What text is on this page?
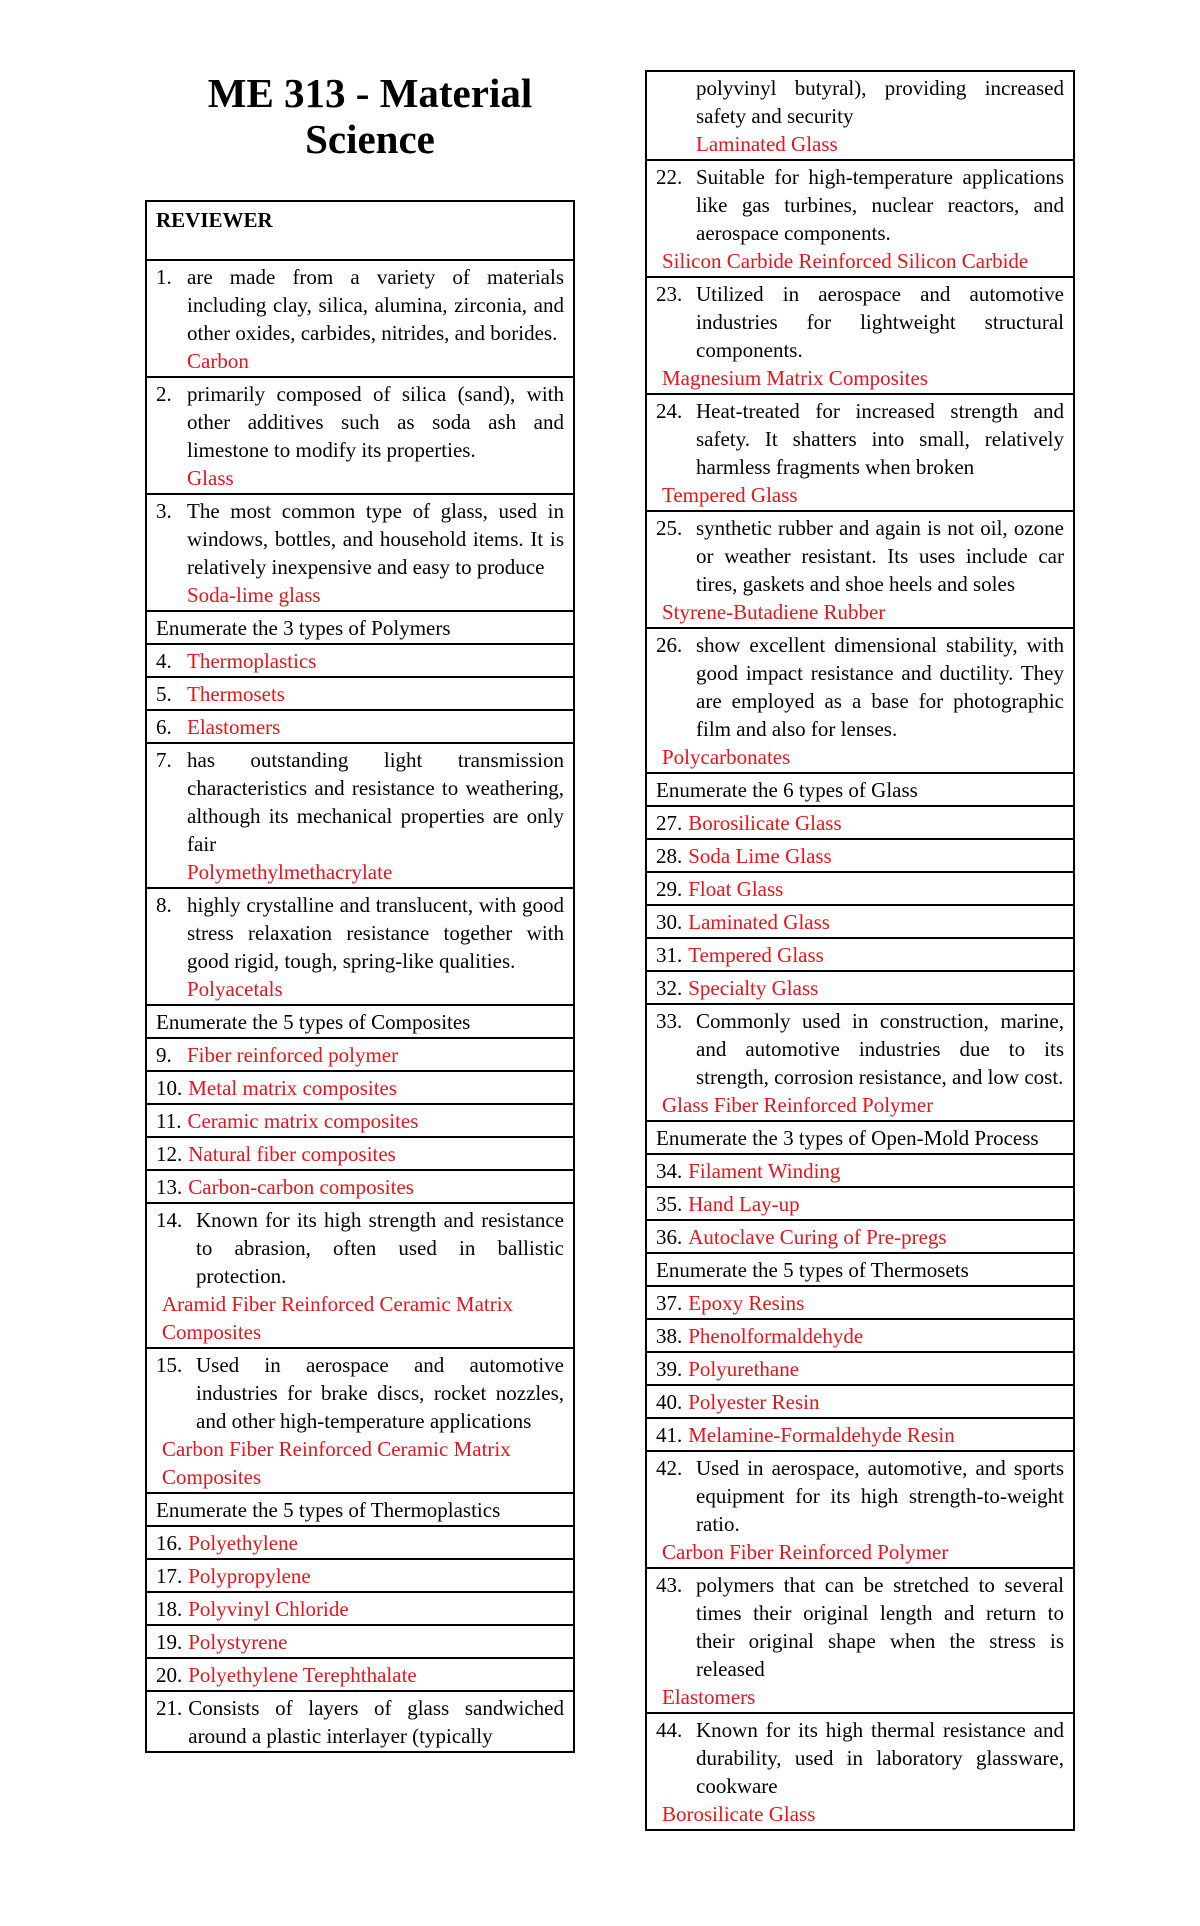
ME 313 - Material Science
REVIEWER
1. are made from a variety of materials including clay, silica, alumina, zirconia, and other oxides, carbides, nitrides, and borides.
Carbon
2. primarily composed of silica (sand), with other additives such as soda ash and limestone to modify its properties.
Glass
3. The most common type of glass, used in windows, bottles, and household items. It is relatively inexpensive and easy to produce
Soda-lime glass
Enumerate the 3 types of Polymers
4. Thermoplastics
5. Thermosets
6. Elastomers
7. has outstanding light transmission characteristics and resistance to weathering, although its mechanical properties are only fair
Polymethylmethacrylate
8. highly crystalline and translucent, with good stress relaxation resistance together with good rigid, tough, spring-like qualities.
Polyacetals
Enumerate the 5 types of Composites
9. Fiber reinforced polymer
10. Metal matrix composites
11. Ceramic matrix composites
12. Natural fiber composites
13. Carbon-carbon composites
14. Known for its high strength and resistance to abrasion, often used in ballistic protection.
Aramid Fiber Reinforced Ceramic Matrix Composites
15. Used in aerospace and automotive industries for brake discs, rocket nozzles, and other high-temperature applications
Carbon Fiber Reinforced Ceramic Matrix Composites
Enumerate the 5 types of Thermoplastics
16. Polyethylene
17. Polypropylene
18. Polyvinyl Chloride
19. Polystyrene
20. Polyethylene Terephthalate
21. Consists of layers of glass sandwiched around a plastic interlayer (typically
polyvinyl butyral), providing increased safety and security
Laminated Glass
22. Suitable for high-temperature applications like gas turbines, nuclear reactors, and aerospace components.
Silicon Carbide Reinforced Silicon Carbide
23. Utilized in aerospace and automotive industries for lightweight structural components.
Magnesium Matrix Composites
24. Heat-treated for increased strength and safety. It shatters into small, relatively harmless fragments when broken
Tempered Glass
25. synthetic rubber and again is not oil, ozone or weather resistant. Its uses include car tires, gaskets and shoe heels and soles
Styrene-Butadiene Rubber
26. show excellent dimensional stability, with good impact resistance and ductility. They are employed as a base for photographic film and also for lenses.
Polycarbonates
Enumerate the 6 types of Glass
27. Borosilicate Glass
28. Soda Lime Glass
29. Float Glass
30. Laminated Glass
31. Tempered Glass
32. Specialty Glass
33. Commonly used in construction, marine, and automotive industries due to its strength, corrosion resistance, and low cost.
Glass Fiber Reinforced Polymer
Enumerate the 3 types of Open-Mold Process
34. Filament Winding
35. Hand Lay-up
36. Autoclave Curing of Pre-pregs
Enumerate the 5 types of Thermosets
37. Epoxy Resins
38. Phenolformaldehyde
39. Polyurethane
40. Polyester Resin
41. Melamine-Formaldehyde Resin
42. Used in aerospace, automotive, and sports equipment for its high strength-to-weight ratio.
Carbon Fiber Reinforced Polymer
43. polymers that can be stretched to several times their original length and return to their original shape when the stress is released
Elastomers
44. Known for its high thermal resistance and durability, used in laboratory glassware, cookware
Borosilicate Glass
